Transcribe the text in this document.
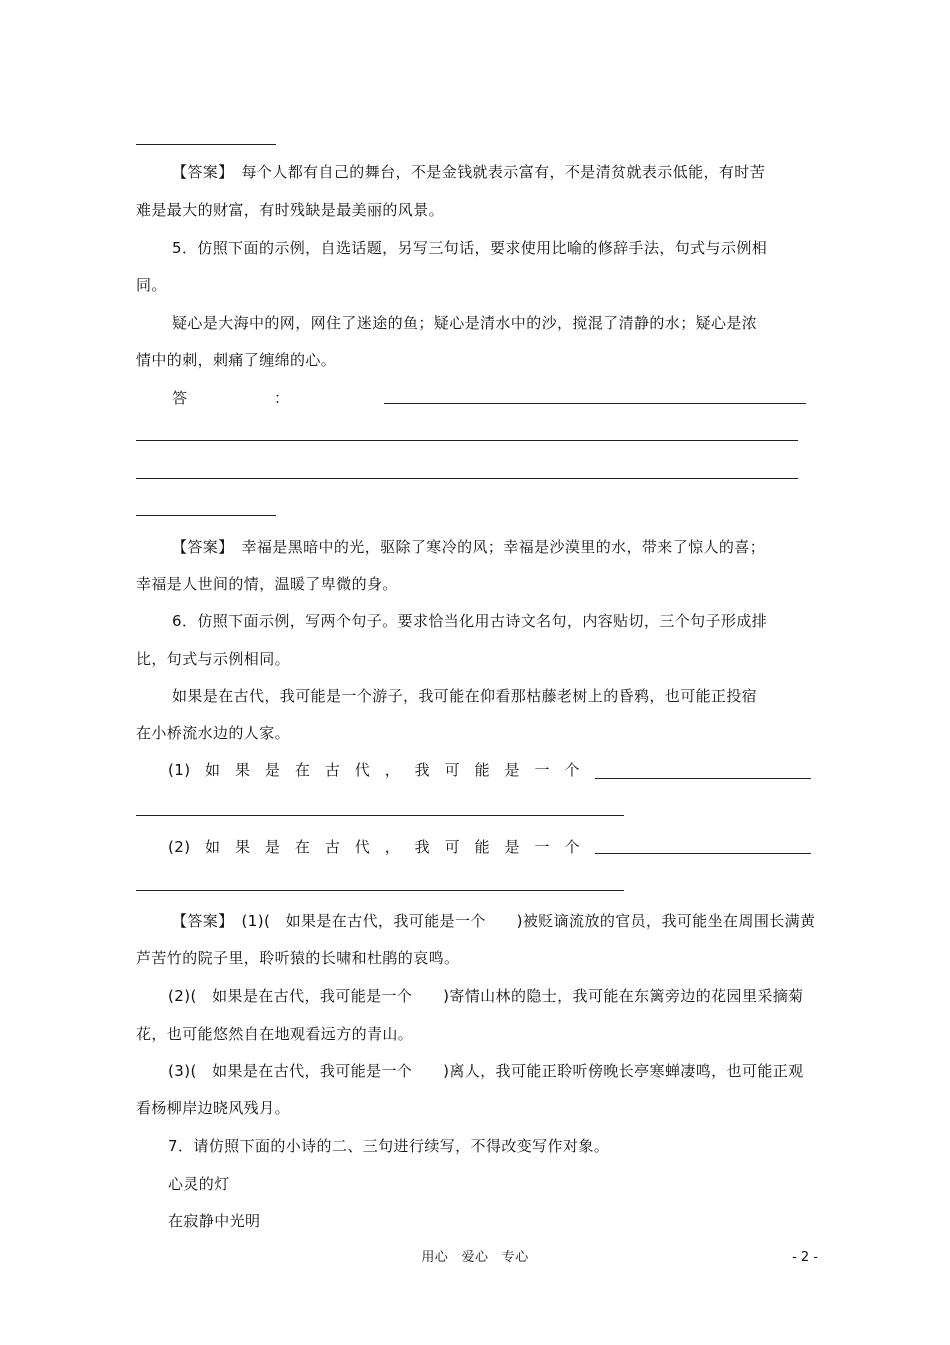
【答案】　每个人都有自己的舞台，不是金钱就表示富有，不是清贫就表示低能，有时苦

难是最大的财富，有时残缺是最美丽的风景。

5．仿照下面的示例，自选话题，另写三句话，要求使用比喻的修辞手法，句式与示例相

同。

疑心是大海中的网，网住了迷途的鱼；疑心是清水中的沙，搅混了清静的水；疑心是浓

情中的刺，刺痛了缠绵的心。

答	：

【答案】　幸福是黑暗中的光，驱除了寒冷的风；幸福是沙漠里的水，带来了惊人的喜；

幸福是人世间的情，温暖了卑微的身。

6．仿照下面示例，写两个句子。要求恰当化用古诗文名句，内容贴切，三个句子形成排

比，句式与示例相同。

如果是在古代，我可能是一个游子，我可能在仰看那枯藤老树上的昏鸦，也可能正投宿

在小桥流水边的人家。

(1) 如 果 是 在 古 代 ， 我 可 能 是 一 个
(2) 如 果 是 在 古 代 ， 我 可 能 是 一 个

【答案】　(1)(　如果是在古代，我可能是一个　　)被贬谪流放的官员，我可能坐在周围长满黄

芦苦竹的院子里，聆听猿的长啸和杜鹃的哀鸣。

(2)(　如果是在古代，我可能是一个　　)寄情山林的隐士，我可能在东篱旁边的花园里采摘菊

花，也可能悠然自在地观看远方的青山。

(3)(　如果是在古代，我可能是一个　　)离人，我可能正聆听傍晚长亭寒蝉凄鸣，也可能正观

看杨柳岸边晓风残月。

7．请仿照下面的小诗的二、三句进行续写，不得改变写作对象。

心灵的灯

在寂静中光明

用心　爱心　专心	- 2 -
